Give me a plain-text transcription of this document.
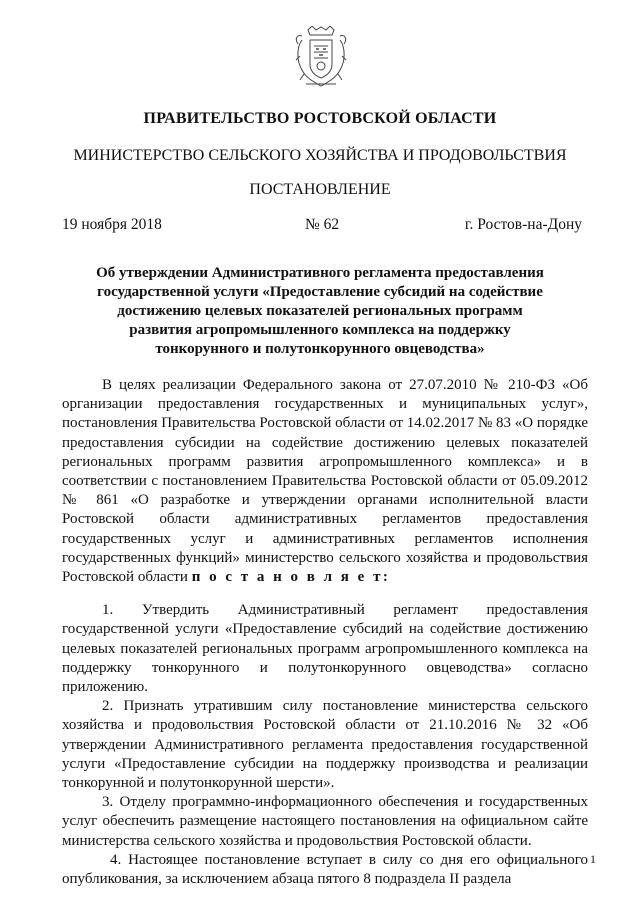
ПРАВИТЕЛЬСТВО РОСТОВСКОЙ ОБЛАСТИ
МИНИСТЕРСТВО СЕЛЬСКОГО ХОЗЯЙСТВА И ПРОДОВОЛЬСТВИЯ
ПОСТАНОВЛЕНИЕ
19 ноября 2018	№ 62	г. Ростов-на-Дону
Об утверждении Административного регламента предоставления государственной услуги «Предоставление субсидий на содействие достижению целевых показателей региональных программ развития агропромышленного комплекса на поддержку тонкорунного и полутонкорунного овцеводства»

В целях реализации Федерального закона от 27.07.2010 № 210-ФЗ «Об организации предоставления государственных и муниципальных услуг», постановления Правительства Ростовской области от 14.02.2017 № 83 «О порядке предоставления субсидии на содействие достижению целевых показателей региональных программ развития агропромышленного комплекса» и в соответствии с постановлением Правительства Ростовской области от 05.09.2012 № 861 «О разработке и утверждении органами исполнительной власти Ростовской области административных регламентов предоставления государственных услуг и административных регламентов исполнения государственных функций» министерство сельского хозяйства и продовольствия Ростовской области п о с т а н о в л я е т:

1. Утвердить Административный регламент предоставления государственной услуги «Предоставление субсидий на содействие достижению целевых показателей региональных программ агропромышленного комплекса на поддержку тонкорунного и полутонкорунного овцеводства» согласно приложению.

2. Признать утратившим силу постановление министерства сельского хозяйства и продовольствия Ростовской области от 21.10.2016 № 32 «Об утверждении Административного регламента предоставления государственной услуги «Предоставление субсидии на поддержку производства и реализации тонкорунной и полутонкорунной шерсти».

3. Отделу программно-информационного обеспечения и государственных услуг обеспечить размещение настоящего постановления на официальном сайте министерства сельского хозяйства и продовольствия Ростовской области.

4. Настоящее постановление вступает в силу со дня его официального опубликования, за исключением абзаца пятого 8 подраздела II раздела

1
